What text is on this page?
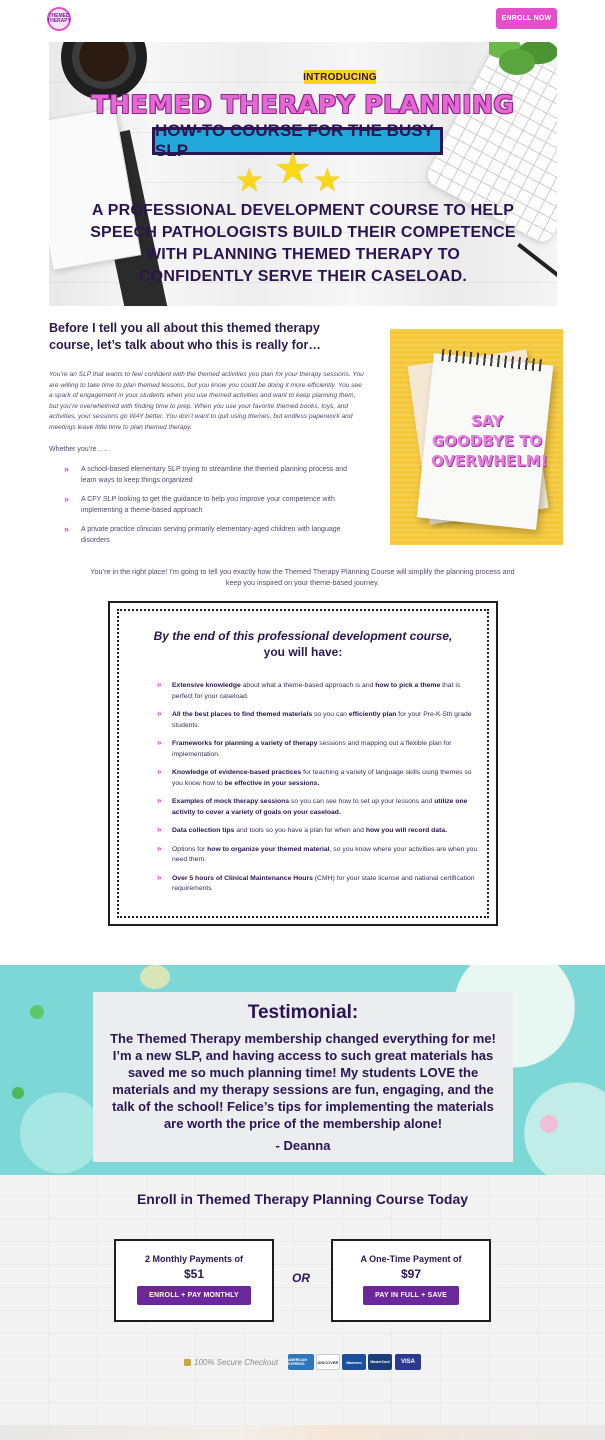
THEMED THERAPY	ENROLL NOW
INTRODUCING
THEMED THERAPY PLANNING
HOW-TO COURSE FOR THE BUSY SLP
★ ★ ★
A PROFESSIONAL DEVELOPMENT COURSE TO HELP SPEECH PATHOLOGISTS BUILD THEIR COMPETENCE WITH PLANNING THEMED THERAPY TO CONFIDENTLY SERVE THEIR CASELOAD.
Before I tell you all about this themed therapy course, let’s talk about who this is really for…
You’re an SLP that wants to feel confident with the themed activities you plan for your therapy sessions. You are willing to take time to plan themed lessons, but you know you could be doing it more efficiently. You see a spark of engagement in your students when you use themed activities and want to keep planning them, but you’re overwhelmed with finding time to prep. When you use your favorite themed books, toys, and activities, your sessions go WAY better. You don’t want to quit using themes, but endless paperwork and meetings leave little time to plan themed therapy.
Whether you’re…..
» A school-based elementary SLP trying to streamline the themed planning process and learn ways to keep things organized
» A CFY SLP looking to get the guidance to help you improve your competence with implementing a theme-based approach
» A private practice clinician serving primarily elementary-aged children with language disorders
SAY GOODBYE TO OVERWHELM!
You’re in the right place! I’m going to tell you exactly how the Themed Therapy Planning Course will simplify the planning process and keep you inspired on your theme-based journey.
By the end of this professional development course,
you will have:
» Extensive knowledge about what a theme-based approach is and how to pick a theme that is perfect for your caseload.
» All the best places to find themed materials so you can efficiently plan for your Pre-K-5th grade students.
» Frameworks for planning a variety of therapy sessions and mapping out a flexible plan for implementation.
» Knowledge of evidence-based practices for teaching a variety of language skills using themes so you know how to be effective in your sessions.
» Examples of mock therapy sessions so you can see how to set up your lessons and utilize one activity to cover a variety of goals on your caseload.
» Data collection tips and tools so you have a plan for when and how you will record data.
» Options for how to organize your themed material, so you know where your activities are when you need them.
» Over 5 hours of Clinical Maintenance Hours (CMH) for your state license and national certification requirements
Testimonial:
The Themed Therapy membership changed everything for me! I’m a new SLP, and having access to such great materials has saved me so much planning time! My students LOVE the materials and my therapy sessions are fun, engaging, and the talk of the school! Felice’s tips for implementing the materials are worth the price of the membership alone!
- Deanna
Enroll in Themed Therapy Planning Course Today
2 Monthly Payments of
$51
ENROLL + PAY MONTHLY
OR
A One-Time Payment of
$97
PAY IN FULL + SAVE
100% Secure Checkout	AMERICAN EXPRESS	DISCOVER	Maestro	MasterCard	VISA
